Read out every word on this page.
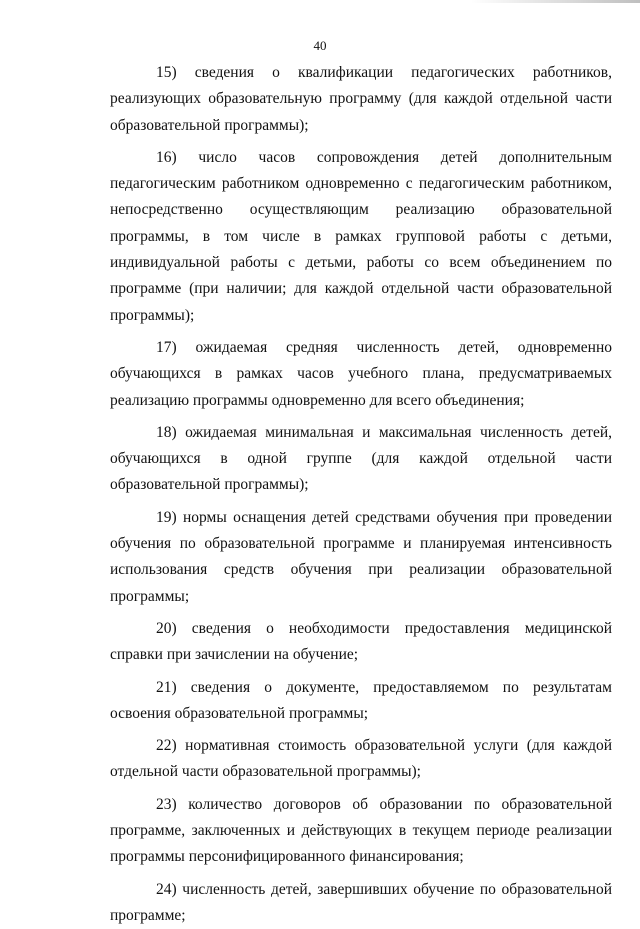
40

15) сведения о квалификации педагогических работников, реализующих образовательную программу (для каждой отдельной части образовательной программы);

16) число часов сопровождения детей дополнительным педагогическим работником одновременно с педагогическим работником, непосредственно осуществляющим реализацию образовательной программы, в том числе в рамках групповой работы с детьми, индивидуальной работы с детьми, работы со всем объединением по программе (при наличии; для каждой отдельной части образовательной программы);

17) ожидаемая средняя численность детей, одновременно обучающихся в рамках часов учебного плана, предусматриваемых реализацию программы одновременно для всего объединения;

18) ожидаемая минимальная и максимальная численность детей, обучающихся в одной группе (для каждой отдельной части образовательной программы);

19) нормы оснащения детей средствами обучения при проведении обучения по образовательной программе и планируемая интенсивность использования средств обучения при реализации образовательной программы;

20) сведения о необходимости предоставления медицинской справки при зачислении на обучение;

21) сведения о документе, предоставляемом по результатам освоения образовательной программы;

22) нормативная стоимость образовательной услуги (для каждой отдельной части образовательной программы);

23) количество договоров об образовании по образовательной программе, заключенных и действующих в текущем периоде реализации программы персонифицированного финансирования;

24) численность детей, завершивших обучение по образовательной программе;
